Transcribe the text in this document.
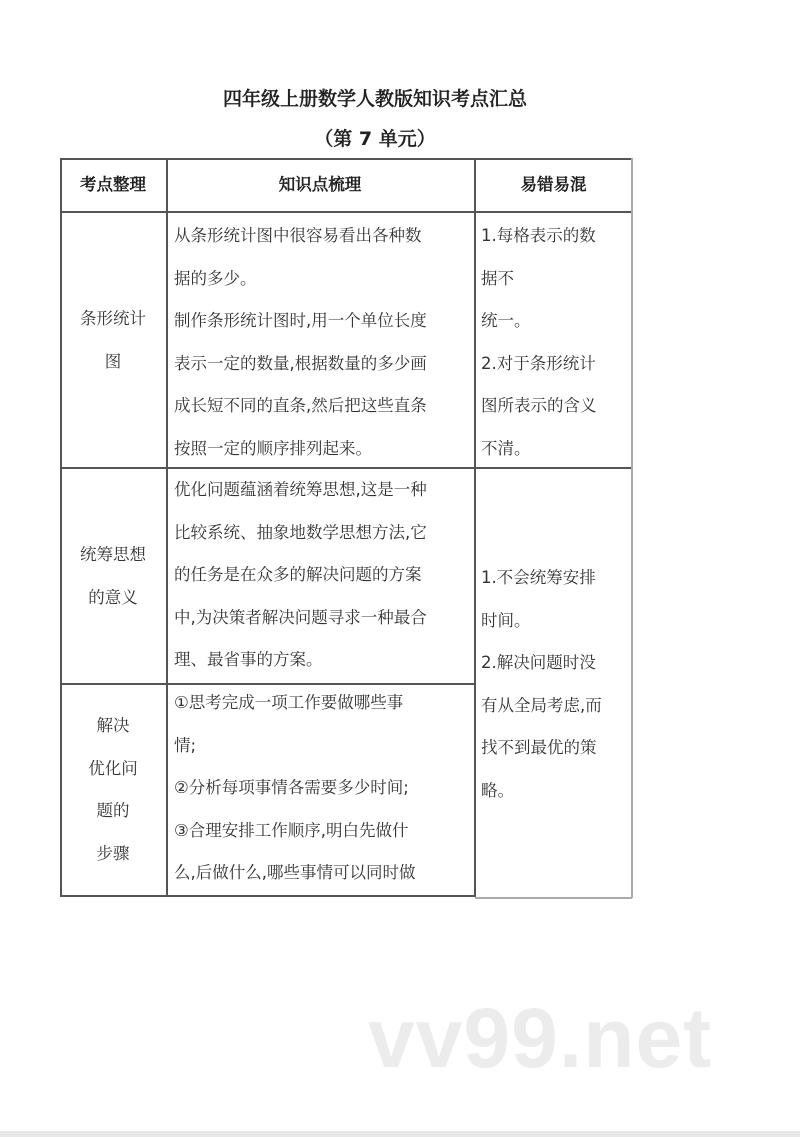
四年级上册数学人教版知识考点汇总
（第 7 单元）
考点整理	知识点梳理	易错易混
条形统计
图
从条形统计图中很容易看出各种数
据的多少。
制作条形统计图时,用一个单位长度
表示一定的数量,根据数量的多少画
成长短不同的直条,然后把这些直条
按照一定的顺序排列起来。
1.每格表示的数
据不
统一。
2.对于条形统计
图所表示的含义
不清。
统筹思想
的意义
优化问题蕴涵着统筹思想,这是一种
比较系统、抽象地数学思想方法,它
的任务是在众多的解决问题的方案
中,为决策者解决问题寻求一种最合
理、最省事的方案。
解决
优化问
题的
步骤
①思考完成一项工作要做哪些事
情;
②分析每项事情各需要多少时间;
③合理安排工作顺序,明白先做什
么,后做什么,哪些事情可以同时做
1.不会统筹安排
时间。
2.解决问题时没
有从全局考虑,而
找不到最优的策
略。
vv99.net
